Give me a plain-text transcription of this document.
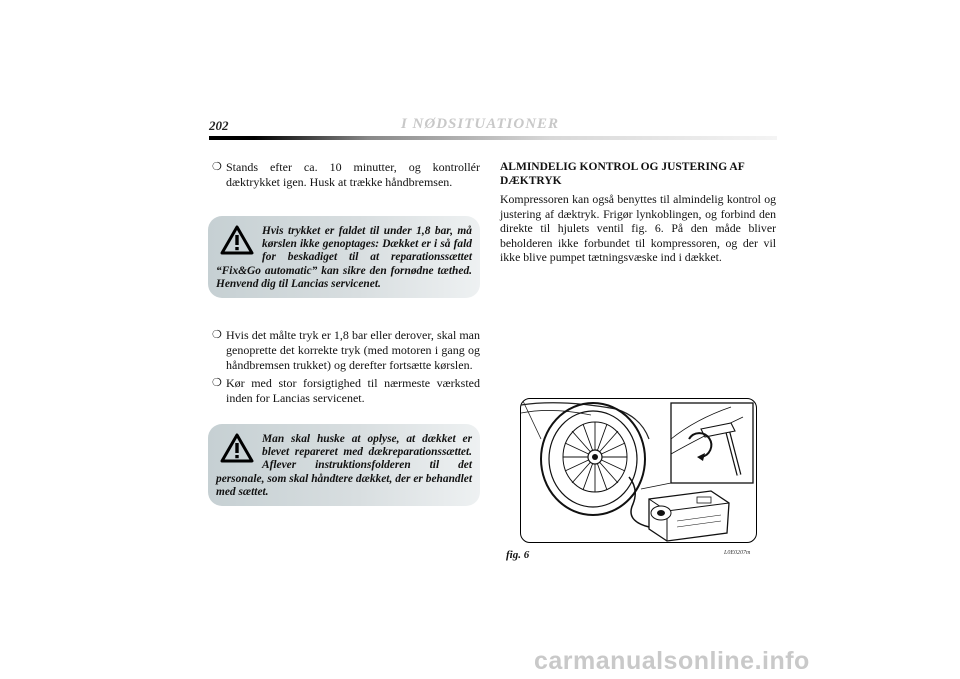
202	I NØDSITUATIONER
❍ Stands efter ca. 10 minutter, og kontrollér dæktrykket igen. Husk at trække håndbremsen.
Hvis trykket er faldet til under 1,8 bar, må kørslen ikke genoptages: Dækket er i så fald for beskadiget til at reparationssættet “Fix&Go automatic” kan sikre den fornødne tæthed. Henvend dig til Lancias servicenet.
❍ Hvis det målte tryk er 1,8 bar eller derover, skal man genoprette det korrekte tryk (med motoren i gang og håndbremsen trukket) og derefter fortsætte kørslen.
❍ Kør med stor forsigtighed til nærmeste værksted inden for Lancias servicenet.
Man skal huske at oplyse, at dækket er blevet repareret med dækreparationssættet. Aflever instruktionsfolderen til det personale, som skal håndtere dækket, der er behandlet med sættet.
ALMINDELIG KONTROL OG JUSTERING AF DÆKTRYK
Kompressoren kan også benyttes til almindelig kontrol og justering af dæktryk. Frigør lynkoblingen, og forbind den direkte til hjulets ventil fig. 6. På den måde bliver beholderen ikke forbundet til kompressoren, og der vil ikke blive pumpet tætningsvæske ind i dækket.
fig. 6	L0E0207m
carmanualsonline.info
